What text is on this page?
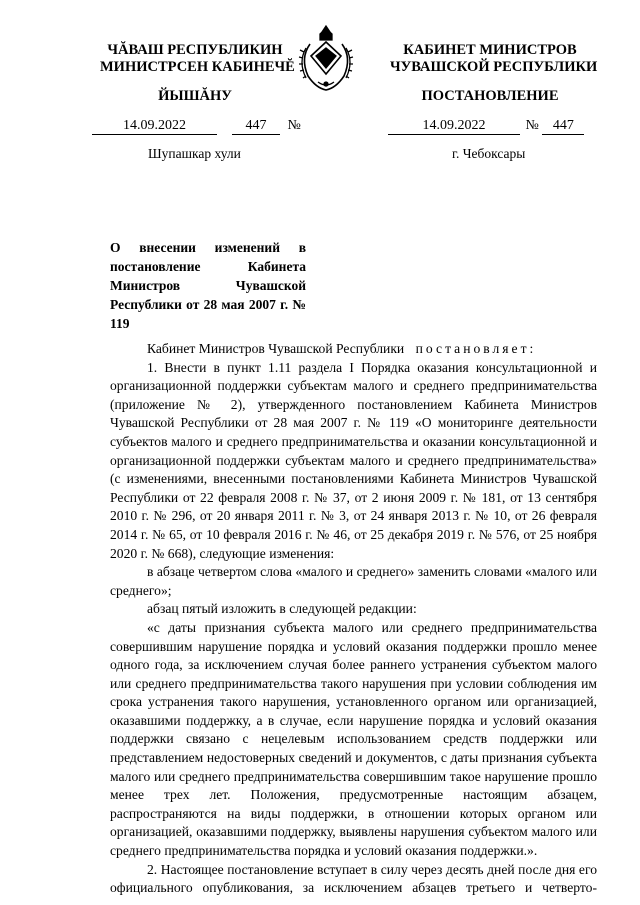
ЧĂВАШ РЕСПУБЛИКИН
МИНИСТРСЕН КАБИНЕЧĔ
ЙЫШĂНУ
КАБИНЕТ МИНИСТРОВ
ЧУВАШСКОЙ РЕСПУБЛИКИ
ПОСТАНОВЛЕНИЕ
14.09.2022	447 №	14.09.2022	№ 447
Шупашкар хули	г. Чебоксары
О внесении изменений в постановление Кабинета Министров Чувашской Республики от 28 мая 2007 г. № 119

Кабинет Министров Чувашской Республики постановляет:

1. Внести в пункт 1.11 раздела I Порядка оказания консультационной и организационной поддержки субъектам малого и среднего предпринимательства (приложение № 2), утвержденного постановлением Кабинета Министров Чувашской Республики от 28 мая 2007 г. № 119 «О мониторинге деятельности субъектов малого и среднего предпринимательства и оказании консультационной и организационной поддержки субъектам малого и среднего предпринимательства» (с изменениями, внесенными постановлениями Кабинета Министров Чувашской Республики от 22 февраля 2008 г. № 37, от 2 июня 2009 г. № 181, от 13 сентября 2010 г. № 296, от 20 января 2011 г. № 3, от 24 января 2013 г. № 10, от 26 февраля 2014 г. № 65, от 10 февраля 2016 г. № 46, от 25 декабря 2019 г. № 576, от 25 ноября 2020 г. № 668), следующие изменения:

в абзаце четвертом слова «малого и среднего» заменить словами «малого или среднего»;

абзац пятый изложить в следующей редакции:

«с даты признания субъекта малого или среднего предпринимательства совершившим нарушение порядка и условий оказания поддержки прошло менее одного года, за исключением случая более раннего устранения субъектом малого или среднего предпринимательства такого нарушения при условии соблюдения им срока устранения такого нарушения, установленного органом или организацией, оказавшими поддержку, а в случае, если нарушение порядка и условий оказания поддержки связано с нецелевым использованием средств поддержки или представлением недостоверных сведений и документов, с даты признания субъекта малого или среднего предпринимательства совершившим такое нарушение прошло менее трех лет. Положения, предусмотренные настоящим абзацем, распространяются на виды поддержки, в отношении которых органом или организацией, оказавшими поддержку, выявлены нарушения субъектом малого или среднего предпринимательства порядка и условий оказания поддержки.».

2. Настоящее постановление вступает в силу через десять дней после дня его официального опубликования, за исключением абзацев третьего и четверто-
